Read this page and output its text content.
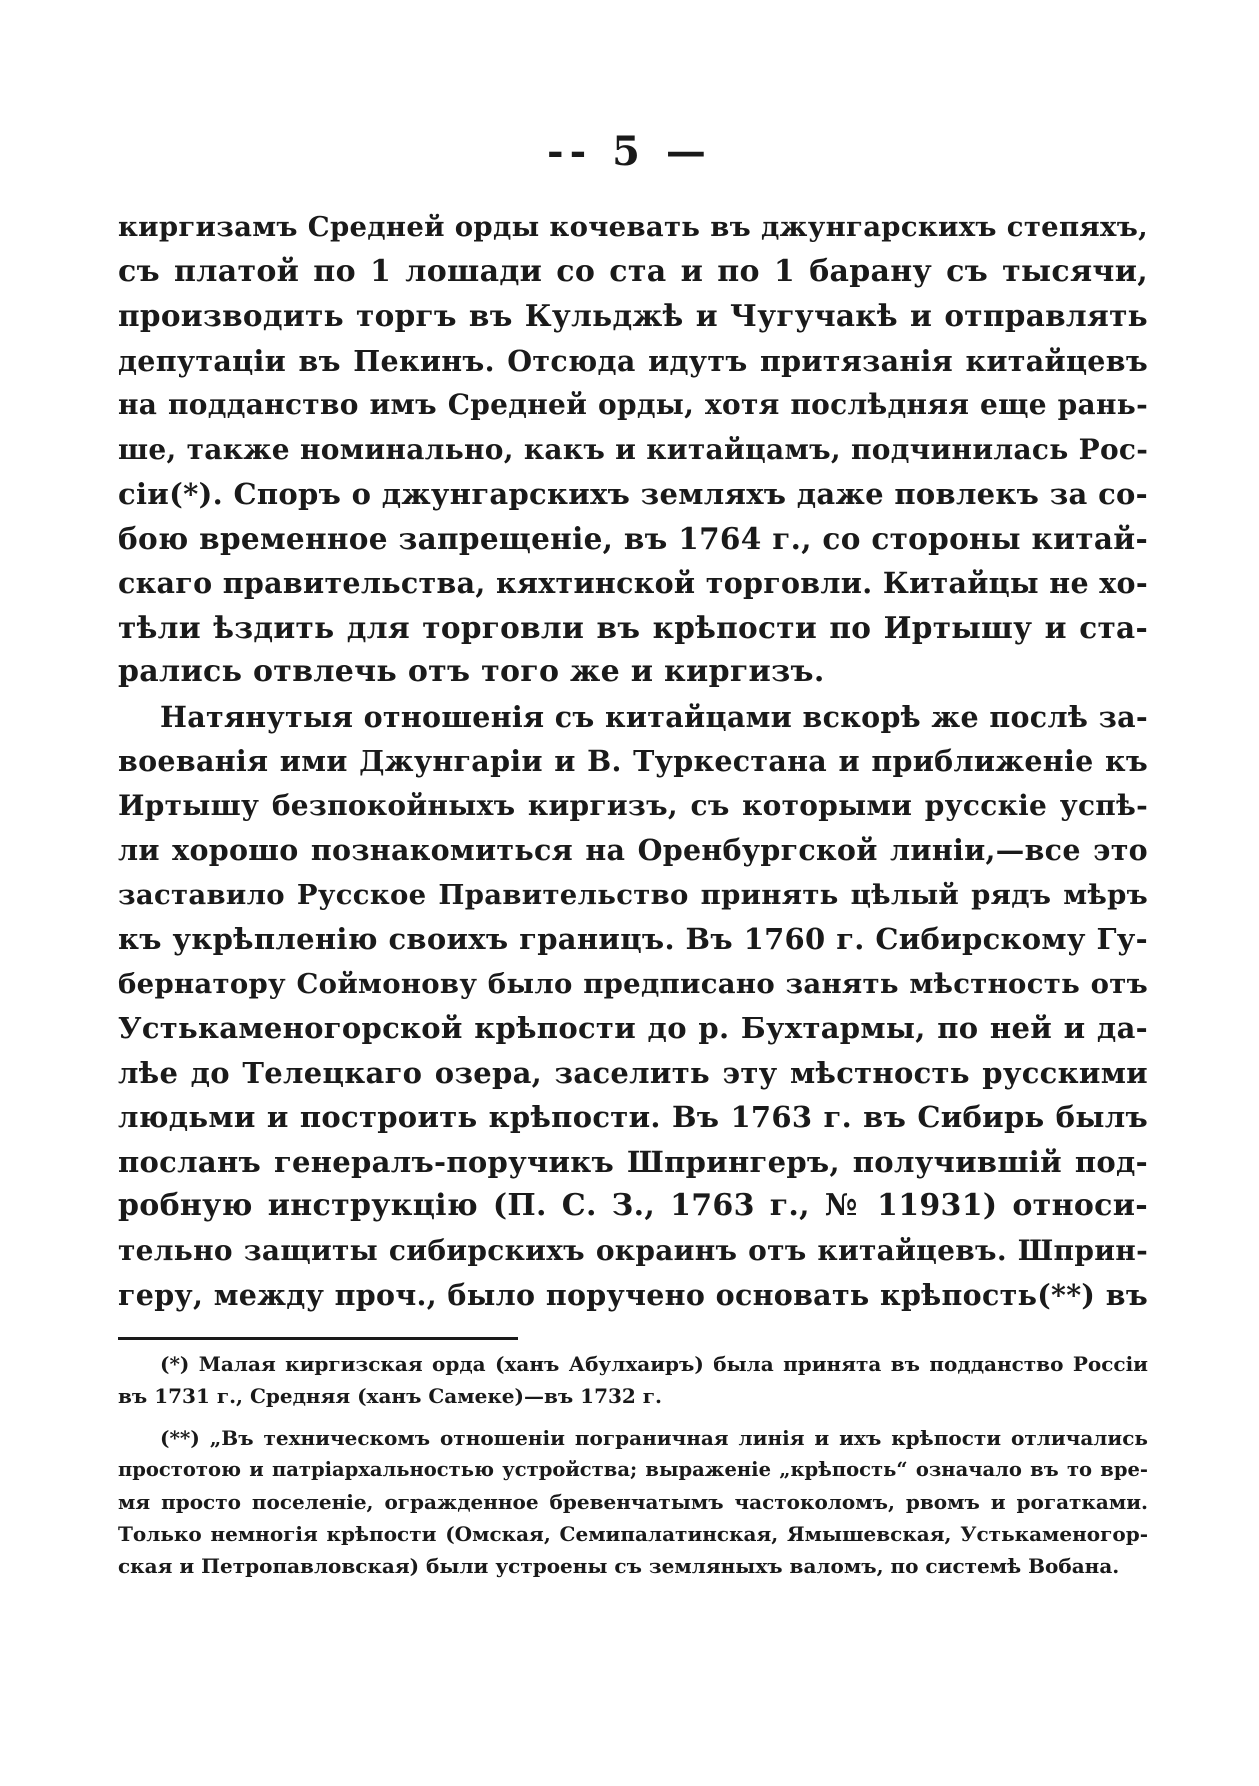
-- 5 —
киргизамъ Средней орды кочевать въ джунгарскихъ степяхъ,
съ платой по 1 лошади со ста и по 1 барану съ тысячи,
производить торгъ въ Кульджѣ и Чугучакѣ и отправлять
депутаціи въ Пекинъ. Отсюда идутъ притязанія китайцевъ
на подданство имъ Средней орды, хотя послѣдняя еще рань-
ше, также номинально, какъ и китайцамъ, подчинилась Рос-
сіи(*). Споръ о джунгарскихъ земляхъ даже повлекъ за со-
бою временное запрещеніе, въ 1764 г., со стороны китай-
скаго правительства, кяхтинской торговли. Китайцы не хо-
тѣли ѣздить для торговли въ крѣпости по Иртышу и ста-
рались отвлечь отъ того же и киргизъ.
Натянутыя отношенія съ китайцами вскорѣ же послѣ за-
воеванія ими Джунгаріи и В. Туркестана и приближеніе къ
Иртышу безпокойныхъ киргизъ, съ которыми русскіе успѣ-
ли хорошо познакомиться на Оренбургской линіи,—все это
заставило Русское Правительство принять цѣлый рядъ мѣръ
къ укрѣпленію своихъ границъ. Въ 1760 г. Сибирскому Гу-
бернатору Соймонову было предписано занять мѣстность отъ
Устькаменогорской крѣпости до р. Бухтармы, по ней и да-
лѣе до Телецкаго озера, заселить эту мѣстность русскими
людьми и построить крѣпости. Въ 1763 г. въ Сибирь былъ
посланъ генералъ-поручикъ Шпрингеръ, получившій под-
робную инструкцію (П. С. З., 1763 г., № 11931) относи-
тельно защиты сибирскихъ окраинъ отъ китайцевъ. Шприн-
геру, между проч., было поручено основать крѣпость(**) въ
(*) Малая киргизская орда (ханъ Абулхаиръ) была принята въ подданство Россіи
въ 1731 г., Средняя (ханъ Самеке)—въ 1732 г.
(**) „Въ техническомъ отношеніи пограничная линія и ихъ крѣпости отличались
простотою и патріархальностью устройства; выраженіе „крѣпость“ означало въ то вре-
мя просто поселеніе, огражденное бревенчатымъ частоколомъ, рвомъ и рогатками.
Только немногія крѣпости (Омская, Семипалатинская, Ямышевская, Устькаменогор-
ская и Петропавловская) были устроены съ земляныхъ валомъ, по системѣ Вобана.
